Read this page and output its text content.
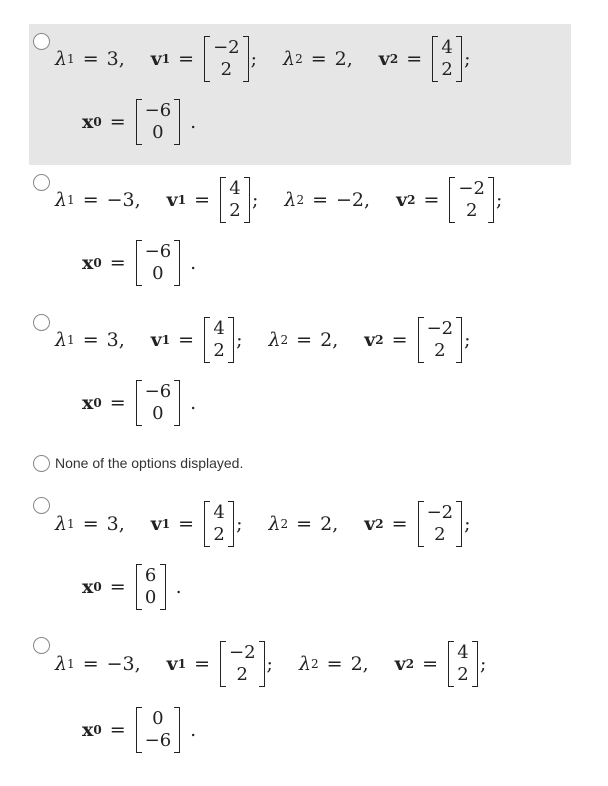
λ 1 = 3 , v 1 =
−2
2 ; λ 2 = 2 , v 2 =
4
2 ;
x 0 =
−6
0 .
λ 1 = −3 , v 1 =
4
2 ; λ 2 = −2 , v 2 =
−2
2 ;
x 0 =
−6
0 .
λ 1 = 3 , v 1 =
4
2 ; λ 2 = 2 , v 2 =
−2
2 ;
x 0 =
−6
0 .
None of the options displayed.
λ 1 = 3 , v 1 =
4
2 ; λ 2 = 2 , v 2 =
−2
2 ;
x 0 =
6
0 .
λ 1 = −3 , v 1 =
−2
2 ; λ 2 = 2 , v 2 =
4
2 ;
x 0 =
0
−6 .
